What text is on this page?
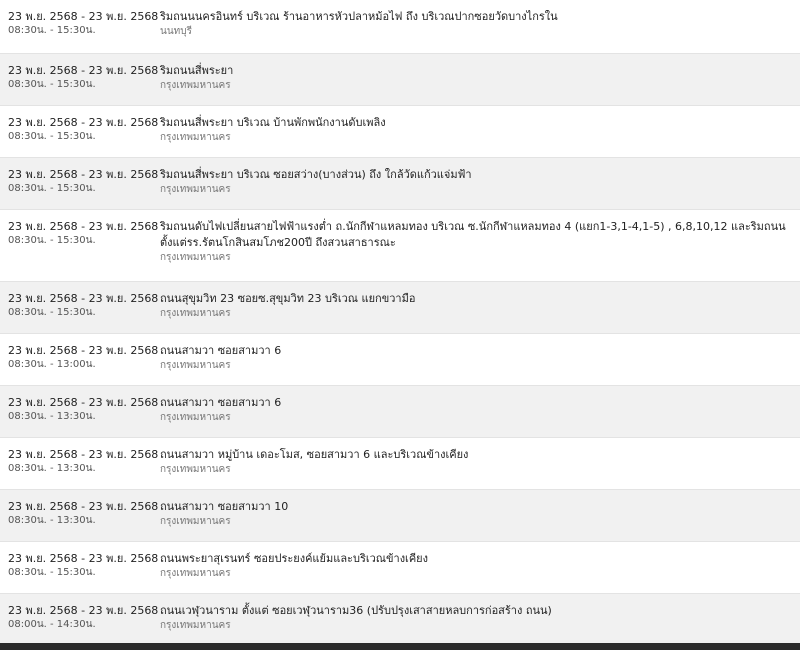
23 พ.ย. 2568 - 23 พ.ย. 2568
08:30น. - 15:30น.
ริมถนนนครอินทร์ บริเวณ ร้านอาหารหัวปลาหม้อไฟ ถึง บริเวณปากซอยวัดบางไกรใน
นนทบุรี
23 พ.ย. 2568 - 23 พ.ย. 2568
08:30น. - 15:30น.
ริมถนนสี่พระยา
กรุงเทพมหานคร
23 พ.ย. 2568 - 23 พ.ย. 2568
08:30น. - 15:30น.
ริมถนนสี่พระยา บริเวณ บ้านพักพนักงานดับเพลิง
กรุงเทพมหานคร
23 พ.ย. 2568 - 23 พ.ย. 2568
08:30น. - 15:30น.
ริมถนนสี่พระยา บริเวณ ซอยสว่าง(บางส่วน) ถึง ใกล้วัดแก้วแจ่มฟ้า
กรุงเทพมหานคร
23 พ.ย. 2568 - 23 พ.ย. 2568
08:30น. - 15:30น.
ริมถนนดับไฟเปลี่ยนสายไฟฟ้าแรงต่ำ ถ.นักกีฬาแหลมทอง บริเวณ ซ.นักกีฬาแหลมทอง 4 (แยก1-3,1-4,1-5) , 6,8,10,12 และริมถนน ตั้งแต่รร.รัตนโกสินสมโภช200ปี ถึงสวนสาธารณะ
กรุงเทพมหานคร
23 พ.ย. 2568 - 23 พ.ย. 2568
08:30น. - 15:30น.
ถนนสุขุมวิท 23 ซอยซ.สุขุมวิท 23 บริเวณ แยกขวามือ
กรุงเทพมหานคร
23 พ.ย. 2568 - 23 พ.ย. 2568
08:30น. - 13:00น.
ถนนสามวา ซอยสามวา 6
กรุงเทพมหานคร
23 พ.ย. 2568 - 23 พ.ย. 2568
08:30น. - 13:30น.
ถนนสามวา ซอยสามวา 6
กรุงเทพมหานคร
23 พ.ย. 2568 - 23 พ.ย. 2568
08:30น. - 13:30น.
ถนนสามวา หมู่บ้าน เดอะโมส, ซอยสามวา 6 และบริเวณข้างเคียง
กรุงเทพมหานคร
23 พ.ย. 2568 - 23 พ.ย. 2568
08:30น. - 13:30น.
ถนนสามวา ซอยสามวา 10
กรุงเทพมหานคร
23 พ.ย. 2568 - 23 พ.ย. 2568
08:30น. - 15:30น.
ถนนพระยาสุเรนทร์ ซอยประยงค์แย้มและบริเวณข้างเคียง
กรุงเทพมหานคร
23 พ.ย. 2568 - 23 พ.ย. 2568
08:00น. - 14:30น.
ถนนเวฬุวนาราม ตั้งแต่ ซอยเวฬุวนาราม36 (ปรับปรุงเสาสายหลบการก่อสร้าง ถนน)
กรุงเทพมหานคร
